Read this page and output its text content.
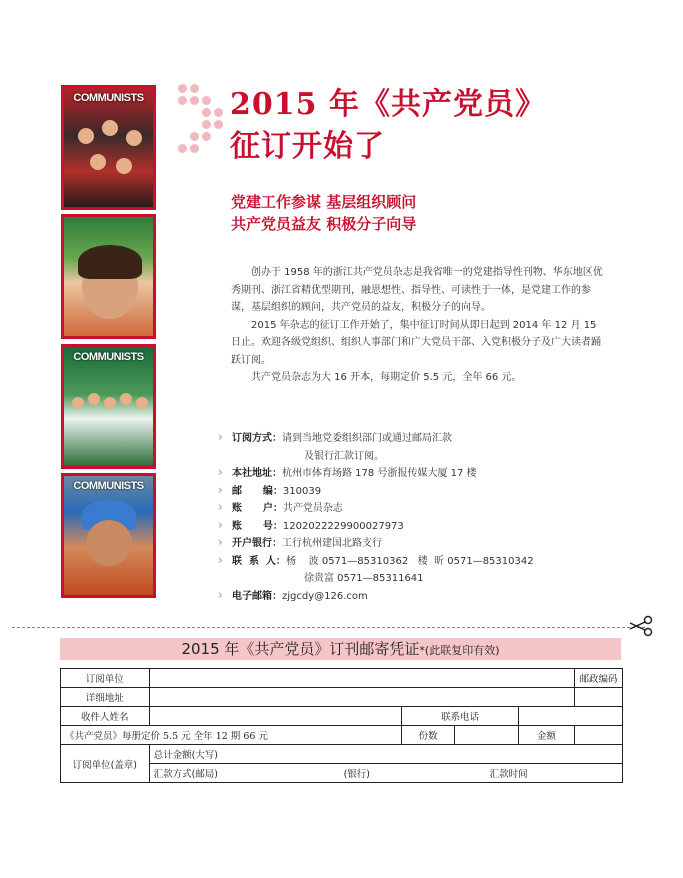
COMMUNISTS
COMMUNISTS
COMMUNISTS
2015 年《共产党员》
征订开始了
党建工作参谋 基层组织顾问
共产党员益友 积极分子向导

创办于 1958 年的浙江共产党员杂志是我省唯一的党建指导性刊物、华东地区优秀期刊、浙江省精优型期刊，融思想性、指导性、可读性于一体，是党建工作的参谋，基层组织的顾问，共产党员的益友，积极分子的向导。

2015 年杂志的征订工作开始了，集中征订时间从即日起到 2014 年 12 月 15 日止。欢迎各级党组织、组织人事部门和广大党员干部、入党积极分子及广大读者踊跃订阅。

共产党员杂志为大 16 开本，每期定价 5.5 元，全年 66 元。

› 订阅方式：请到当地党委组织部门或通过邮局汇款
及银行汇款订阅。
› 本社地址：杭州市体育场路 178 号浙报传媒大厦 17 楼
› 邮      编：310039
› 账      户：共产党员杂志
› 账      号：1202022229900027973
› 开户银行：工行杭州建国北路支行
› 联  系  人：杨    波 0571—85310362   楼  昕 0571—85310342
徐贵富 0571—85311641
› 电子邮箱：zjgcdy@126.com
2015 年《共产党员》订刊邮寄凭证*(此联复印有效)
订阅单位					邮政编码
详细地址					
收件人姓名		联系电话			
《共产党员》每册定价 5.5 元 全年 12 期 66 元		份数		金额	
订阅单位(盖章)	总计金额(大写)				
	汇款方式(邮局) (银行) 汇款时间				
